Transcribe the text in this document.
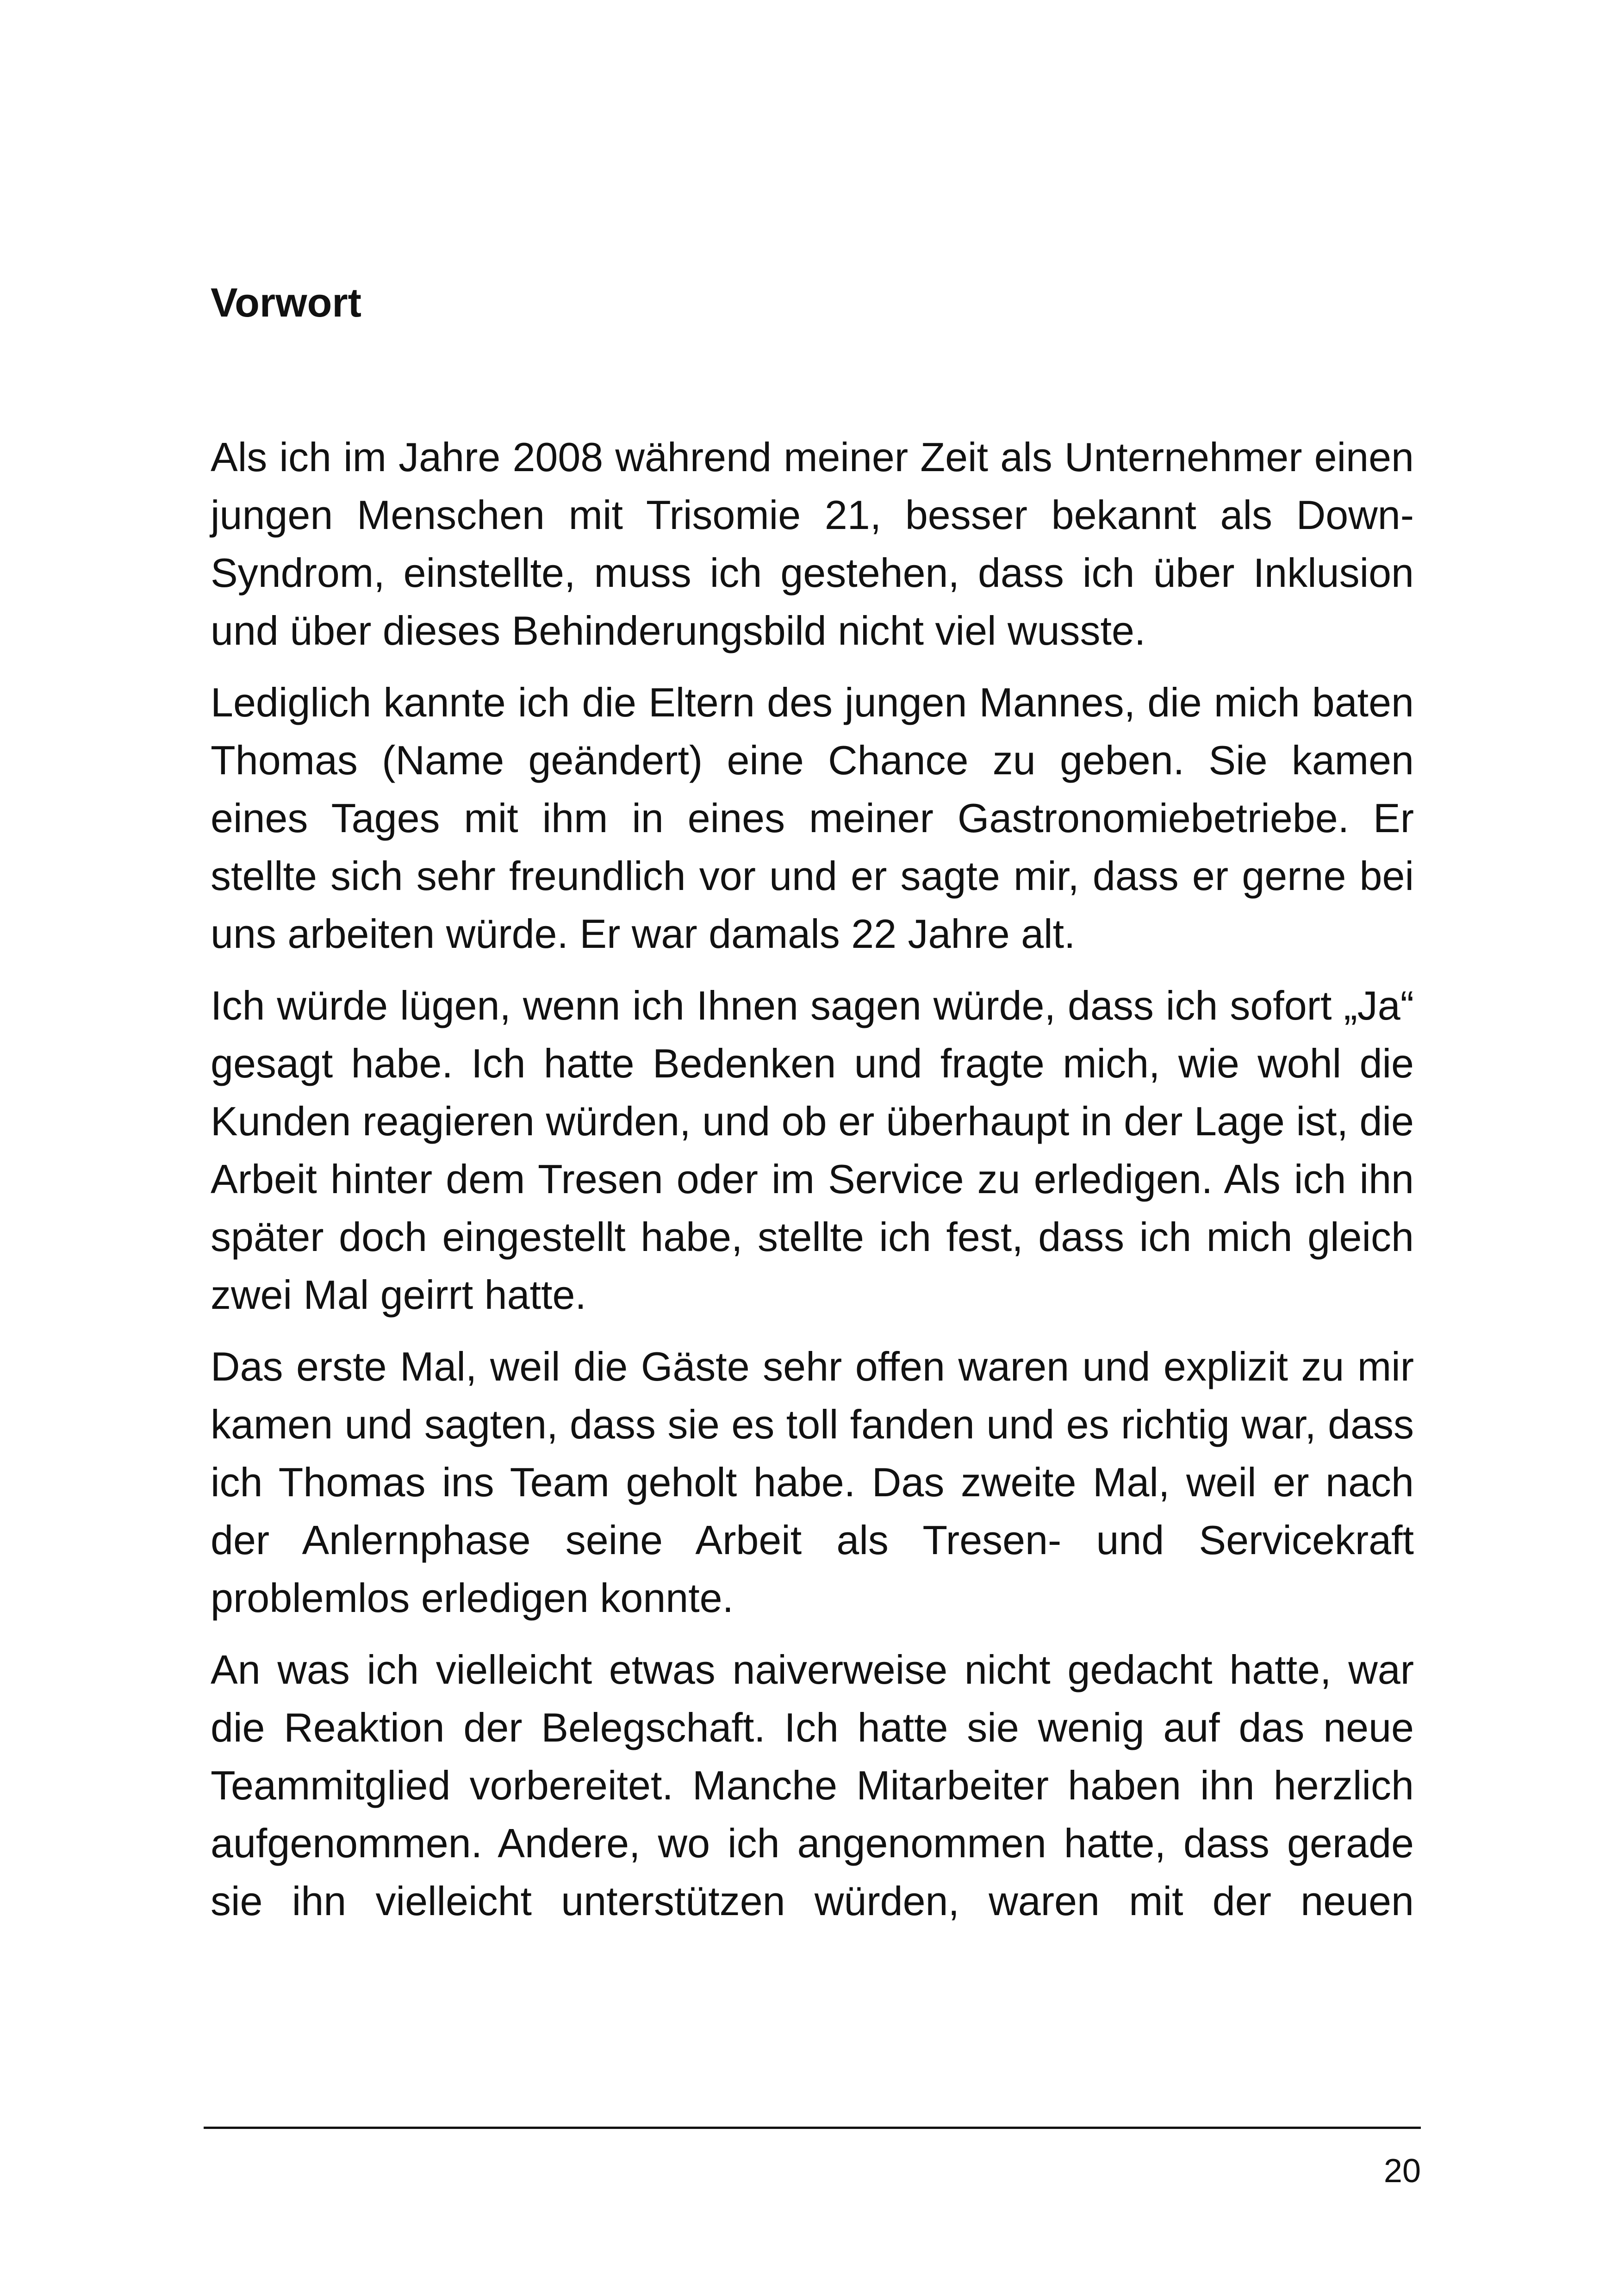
Vorwort

Als ich im Jahre 2008 während meiner Zeit als Unternehmer einen jungen Menschen mit Trisomie 21, besser bekannt als Down- Syndrom, einstellte, muss ich gestehen, dass ich über Inklusion und über dieses Behinderungsbild nicht viel wusste.

Lediglich kannte ich die Eltern des jungen Mannes, die mich baten Thomas (Name geändert) eine Chance zu geben. Sie kamen eines Tages mit ihm in eines meiner Gastronomiebetriebe. Er stellte sich sehr freundlich vor und er sagte mir, dass er gerne bei uns arbeiten würde. Er war damals 22 Jahre alt.

Ich würde lügen, wenn ich Ihnen sagen würde, dass ich sofort „Ja“ gesagt habe. Ich hatte Bedenken und fragte mich, wie wohl die Kunden reagieren würden, und ob er überhaupt in der Lage ist, die Arbeit hinter dem Tresen oder im Service zu erledigen. Als ich ihn später doch eingestellt habe, stellte ich fest, dass ich mich gleich zwei Mal geirrt hatte.

Das erste Mal, weil die Gäste sehr offen waren und explizit zu mir kamen und sagten, dass sie es toll fanden und es richtig war, dass ich Thomas ins Team geholt habe. Das zweite Mal, weil er nach der Anlernphase seine Arbeit als Tresen- und Servicekraft problemlos erledigen konnte.

An was ich vielleicht etwas naiverweise nicht gedacht hatte, war die Reaktion der Belegschaft. Ich hatte sie wenig auf das neue Teammitglied vorbereitet. Manche Mitarbeiter haben ihn herzlich aufgenommen. Andere, wo ich angenommen hatte, dass gerade sie ihn vielleicht unterstützen würden, waren mit der neuen

20
